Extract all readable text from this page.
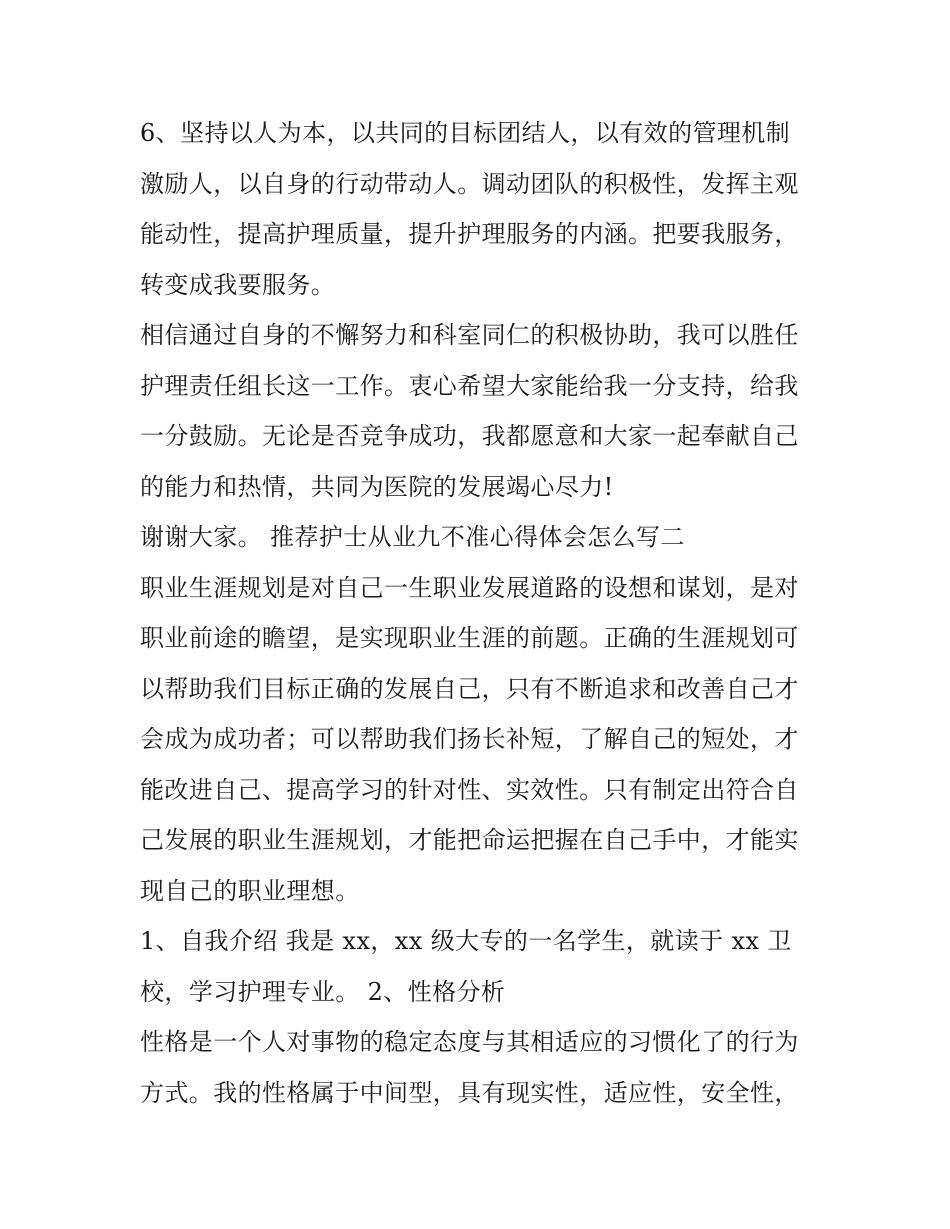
6、坚持以人为本，以共同的目标团结人，以有效的管理机制
激励人，以自身的行动带动人。调动团队的积极性，发挥主观
能动性，提高护理质量，提升护理服务的内涵。把要我服务，
转变成我要服务。
相信通过自身的不懈努力和科室同仁的积极协助，我可以胜任
护理责任组长这一工作。衷心希望大家能给我一分支持，给我
一分鼓励。无论是否竞争成功，我都愿意和大家一起奉献自己
的能力和热情，共同为医院的发展竭心尽力!
谢谢大家。 推荐护士从业九不准心得体会怎么写二
职业生涯规划是对自己一生职业发展道路的设想和谋划，是对
职业前途的瞻望，是实现职业生涯的前题。正确的生涯规划可
以帮助我们目标正确的发展自己，只有不断追求和改善自己才
会成为成功者；可以帮助我们扬长补短，了解自己的短处，才
能改进自己、提高学习的针对性、实效性。只有制定出符合自
己发展的职业生涯规划，才能把命运把握在自己手中，才能实
现自己的职业理想。
1、自我介绍 我是 xx，xx 级大专的一名学生，就读于 xx 卫
校，学习护理专业。 2、性格分析
性格是一个人对事物的稳定态度与其相适应的习惯化了的行为
方式。我的性格属于中间型，具有现实性，适应性，安全性，
